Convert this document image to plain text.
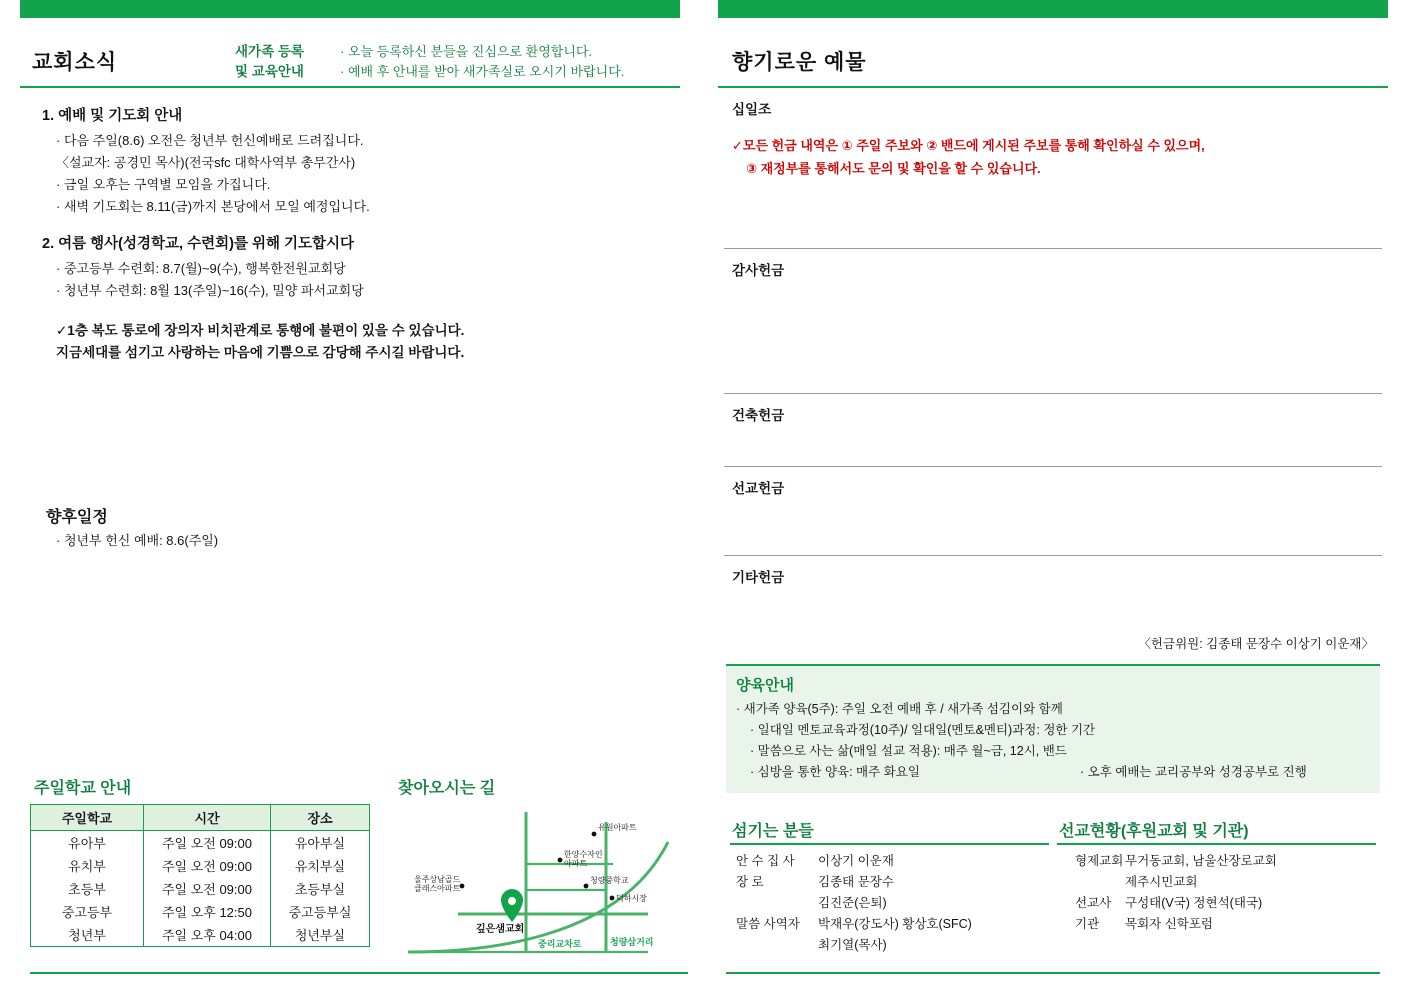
교회소식	새가족 등록
및 교육안내
· 오늘 등록하신 분들을 진심으로 환영합니다.
· 예배 후 안내를 받아 새가족실로 오시기 바랍니다.
1. 예배 및 기도회 안내
· 다음 주일(8.6) 오전은 청년부 헌신예배로 드려집니다.
〈설교자: 공경민 목사)(전국sfc 대학사역부 총무간사)
· 금일 오후는 구역별 모임을 가집니다.
· 새벽 기도회는 8.11(금)까지 본당에서 모일 예정입니다.
2. 여름 행사(성경학교, 수련회)를 위해 기도합시다
· 중고등부 수련회: 8.7(월)~9(수), 행복한전원교회당
· 청년부 수련회: 8월 13(주일)~16(수), 밀양 파서교회당
✓1층 복도 통로에 장의자 비치관계로 통행에 불편이 있을 수 있습니다.
지금세대를 섬기고 사랑하는 마음에 기쁨으로 감당해 주시길 바랍니다.
향후일정
· 청년부 헌신 예배: 8.6(주일)
주일학교 안내
주일학교	시간	장소
유아부	주일 오전 09:00	유아부실
유치부	주일 오전 09:00	유치부실
초등부	주일 오전 09:00	초등부실
중고등부	주일 오후 12:50	중고등부실
청년부	주일 오후 04:00	청년부실
찾아오시는 길
유원아파트
한양수자인
아파트
울주상남골드
클래스아파트
청량중학교
덕하시장
깊은샘교회
중리교차로	청량삼거리
향기로운 예물
십일조
✓모든 헌금 내역은 ① 주일 주보와 ② 밴드에 게시된 주보를 통해 확인하실 수 있으며,
③ 재정부를 통해서도 문의 및 확인을 할 수 있습니다.
감사헌금
건축헌금
선교헌금
기타헌금
〈헌금위원: 김종태 문장수 이상기 이운재〉
양육안내
· 새가족 양육(5주): 주일 오전 예배 후 / 새가족 섬김이와 함께
· 일대일 멘토교육과정(10주)/ 일대일(멘토&멘티)과정: 정한 기간
· 말씀으로 사는 삶(매일 설교 적용): 매주 월~금, 12시, 밴드
· 심방을 통한 양육: 매주 화요일	· 오후 예배는 교리공부와 성경공부로 진행
섬기는 분들
안 수 집 사	이상기 이운재
장 로	김종태 문장수
김진준(은퇴)
말씀 사역자	박재우(강도사) 황상호(SFC)
최기열(목사)
선교현황(후원교회 및 기관)
형제교회 무거동교회, 남울산장로교회
제주시민교회
선교사	구성태(V국) 정현석(태국)
기관	목회자 신학포럼
